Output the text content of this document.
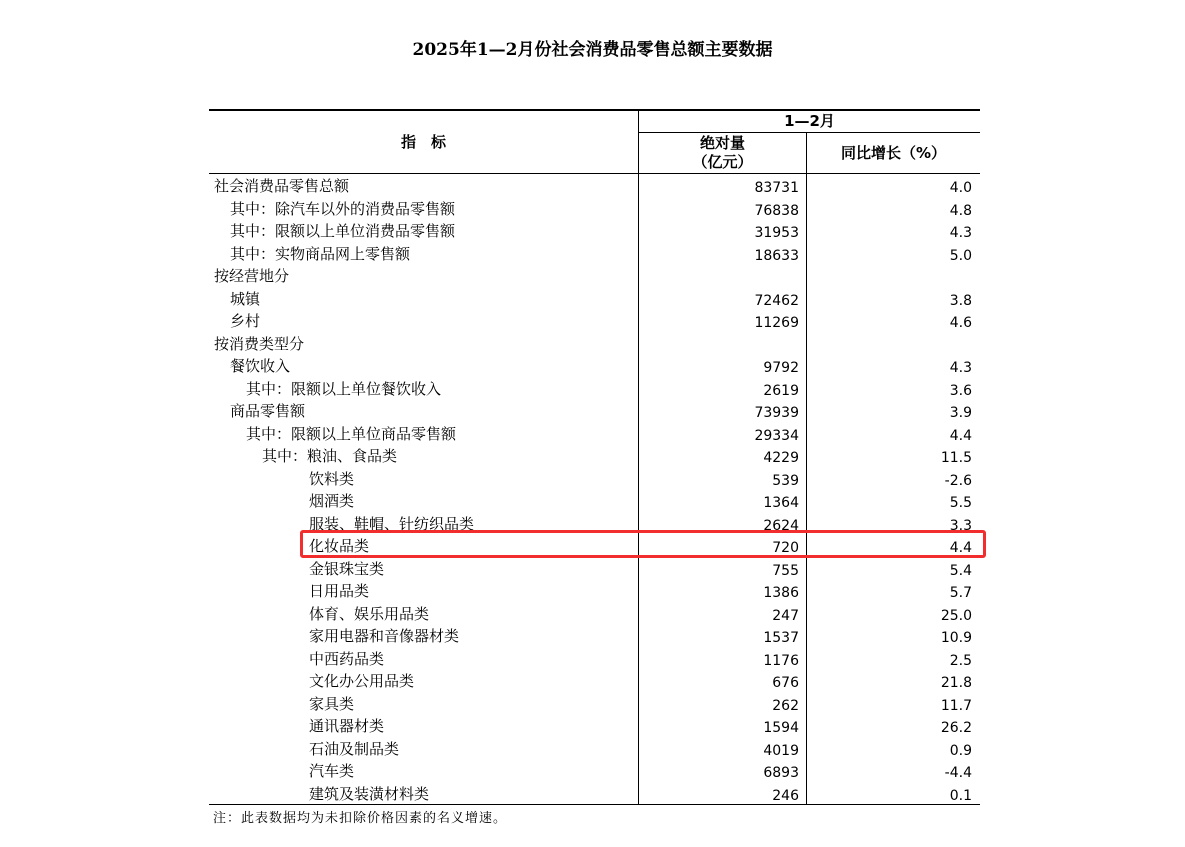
2025年1—2月份社会消费品零售总额主要数据
指　标
1—2月
绝对量
（亿元）	同比增长（%）
社会消费品零售总额	83731	4.0
其中：除汽车以外的消费品零售额	76838	4.8
其中：限额以上单位消费品零售额	31953	4.3
其中：实物商品网上零售额	18633	5.0
按经营地分
城镇	72462	3.8
乡村	11269	4.6
按消费类型分
餐饮收入	9792	4.3
其中：限额以上单位餐饮收入	2619	3.6
商品零售额	73939	3.9
其中：限额以上单位商品零售额	29334	4.4
其中：粮油、食品类	4229	11.5
饮料类	539	-2.6
烟酒类	1364	5.5
服装、鞋帽、针纺织品类	2624	3.3
化妆品类	720	4.4
金银珠宝类	755	5.4
日用品类	1386	5.7
体育、娱乐用品类	247	25.0
家用电器和音像器材类	1537	10.9
中西药品类	1176	2.5
文化办公用品类	676	21.8
家具类	262	11.7
通讯器材类	1594	26.2
石油及制品类	4019	0.9
汽车类	6893	-4.4
建筑及装潢材料类	246	0.1
注：此表数据均为未扣除价格因素的名义增速。
